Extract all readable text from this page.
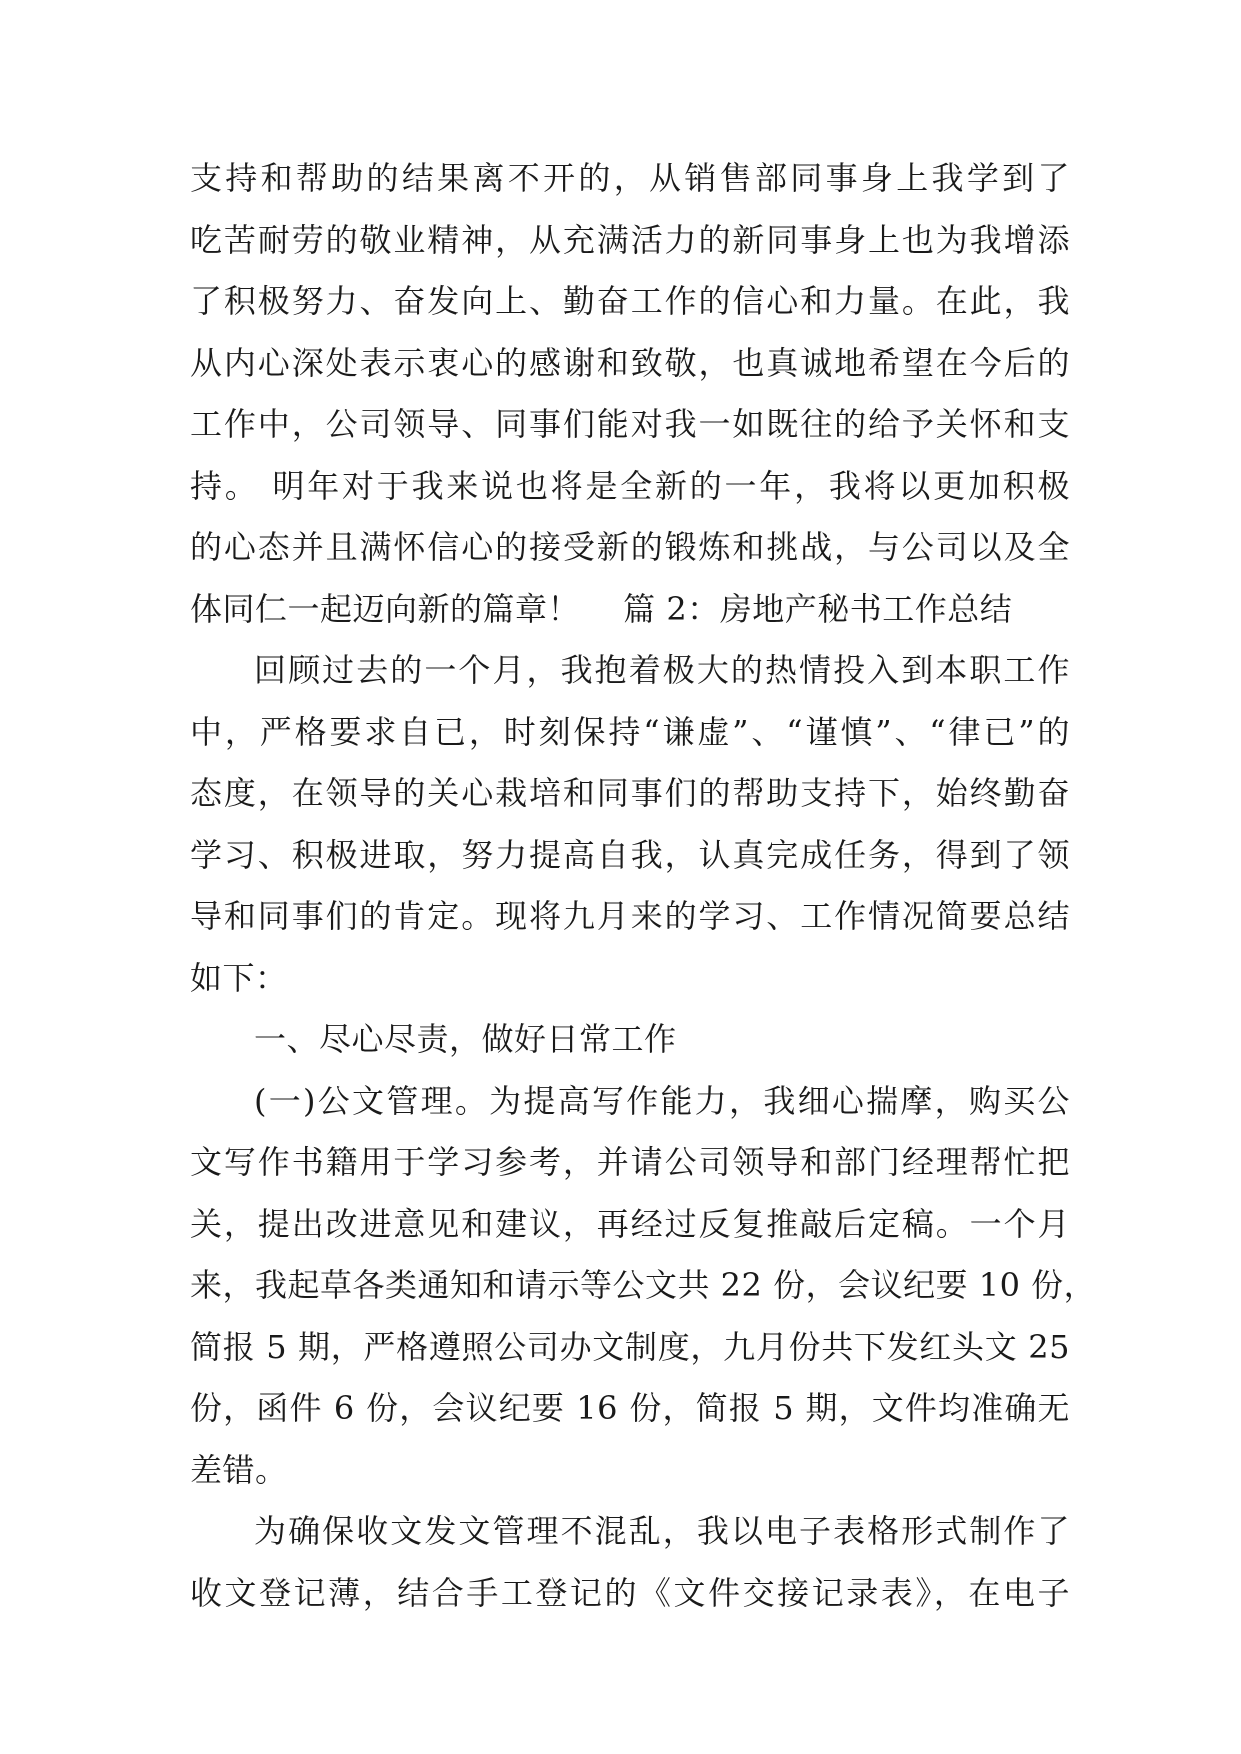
支持和帮助的结果离不开的，从销售部同事身上我学到了
吃苦耐劳的敬业精神，从充满活力的新同事身上也为我增添
了积极努力、奋发向上、勤奋工作的信心和力量。在此，我
从内心深处表示衷心的感谢和致敬，也真诚地希望在今后的
工作中，公司领导、同事们能对我一如既往的给予关怀和支
持。 明年对于我来说也将是全新的一年，我将以更加积极
的心态并且满怀信心的接受新的锻炼和挑战，与公司以及全
体同仁一起迈向新的篇章！　 篇 2：房地产秘书工作总结
回顾过去的一个月，我抱着极大的热情投入到本职工作
中，严格要求自已，时刻保持“谦虚”、“谨慎”、“律已”的
态度，在领导的关心栽培和同事们的帮助支持下，始终勤奋
学习、积极进取，努力提高自我，认真完成任务，得到了领
导和同事们的肯定。现将九月来的学习、工作情况简要总结
如下：
一、尽心尽责，做好日常工作
(一)公文管理。为提高写作能力，我细心揣摩，购买公
文写作书籍用于学习参考，并请公司领导和部门经理帮忙把
关，提出改进意见和建议，再经过反复推敲后定稿。一个月
来，我起草各类通知和请示等公文共 22 份，会议纪要 10 份，
简报 5 期，严格遵照公司办文制度，九月份共下发红头文 25
份，函件 6 份，会议纪要 16 份，简报 5 期，文件均准确无
差错。
为确保收文发文管理不混乱，我以电子表格形式制作了
收文登记薄，结合手工登记的《文件交接记录表》，在电子
